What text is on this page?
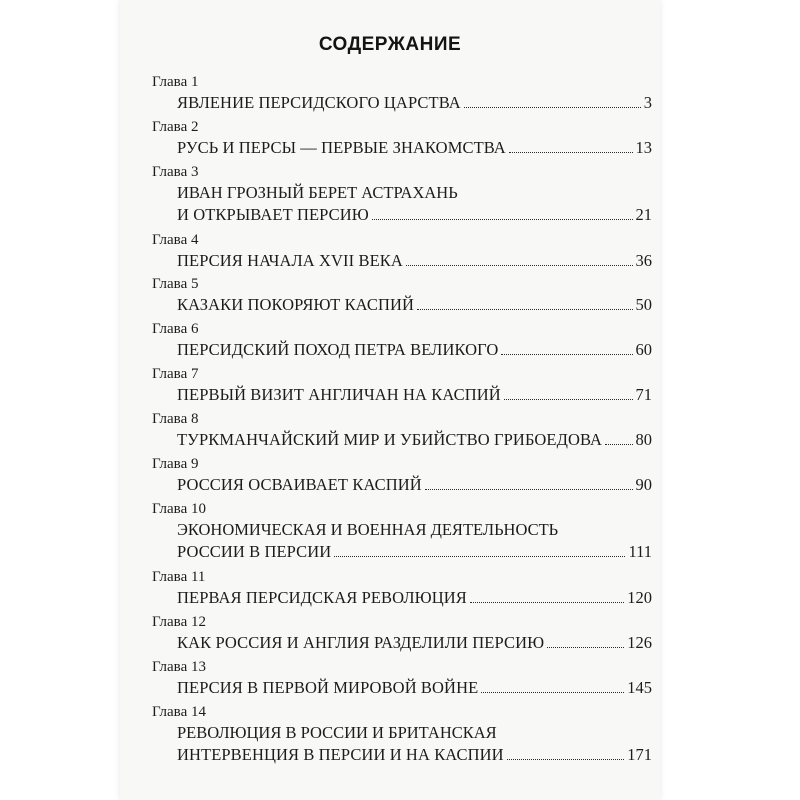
СОДЕРЖАНИЕ
Глава 1
ЯВЛЕНИЕ ПЕРСИДСКОГО ЦАРСТВА	3
Глава 2
РУСЬ И ПЕРСЫ — ПЕРВЫЕ ЗНАКОМСТВА	13
Глава 3
ИВАН ГРОЗНЫЙ БЕРЕТ АСТРАХАНЬ
И ОТКРЫВАЕТ ПЕРСИЮ	21
Глава 4
ПЕРСИЯ НАЧАЛА XVII ВЕКА	36
Глава 5
КАЗАКИ ПОКОРЯЮТ КАСПИЙ	50
Глава 6
ПЕРСИДСКИЙ ПОХОД ПЕТРА ВЕЛИКОГО	60
Глава 7
ПЕРВЫЙ ВИЗИТ АНГЛИЧАН НА КАСПИЙ	71
Глава 8
ТУРКМАНЧАЙСКИЙ МИР И УБИЙСТВО ГРИБОЕДОВА 80
Глава 9
РОССИЯ ОСВАИВАЕТ КАСПИЙ	90
Глава 10
ЭКОНОМИЧЕСКАЯ И ВОЕННАЯ ДЕЯТЕЛЬНОСТЬ
РОССИИ В ПЕРСИИ	111
Глава 11
ПЕРВАЯ ПЕРСИДСКАЯ РЕВОЛЮЦИЯ	120
Глава 12
КАК РОССИЯ И АНГЛИЯ РАЗДЕЛИЛИ ПЕРСИЮ	126
Глава 13
ПЕРСИЯ В ПЕРВОЙ МИРОВОЙ ВОЙНЕ	145
Глава 14
РЕВОЛЮЦИЯ В РОССИИ И БРИТАНСКАЯ
ИНТЕРВЕНЦИЯ В ПЕРСИИ И НА КАСПИИ	171
